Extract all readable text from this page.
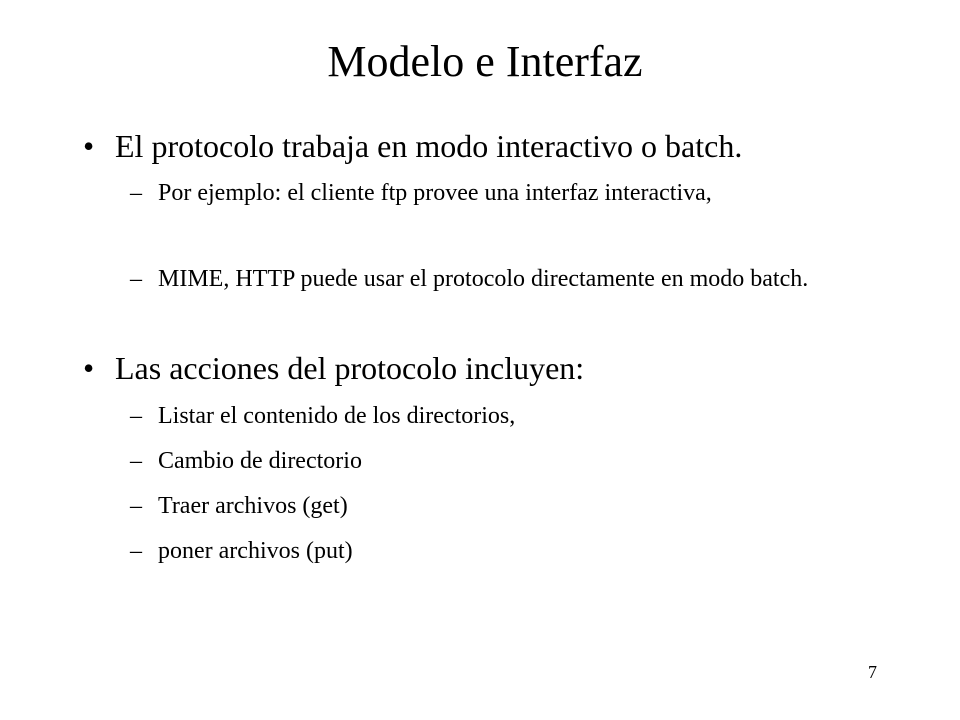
Modelo e Interfaz
• El protocolo trabaja en modo interactivo o batch.
– Por ejemplo: el cliente ftp provee una interfaz interactiva,
– MIME, HTTP puede usar el protocolo directamente en modo batch.
• Las acciones del protocolo incluyen:
– Listar el contenido de los directorios,
– Cambio de directorio
– Traer archivos (get)
– poner archivos (put)
7
